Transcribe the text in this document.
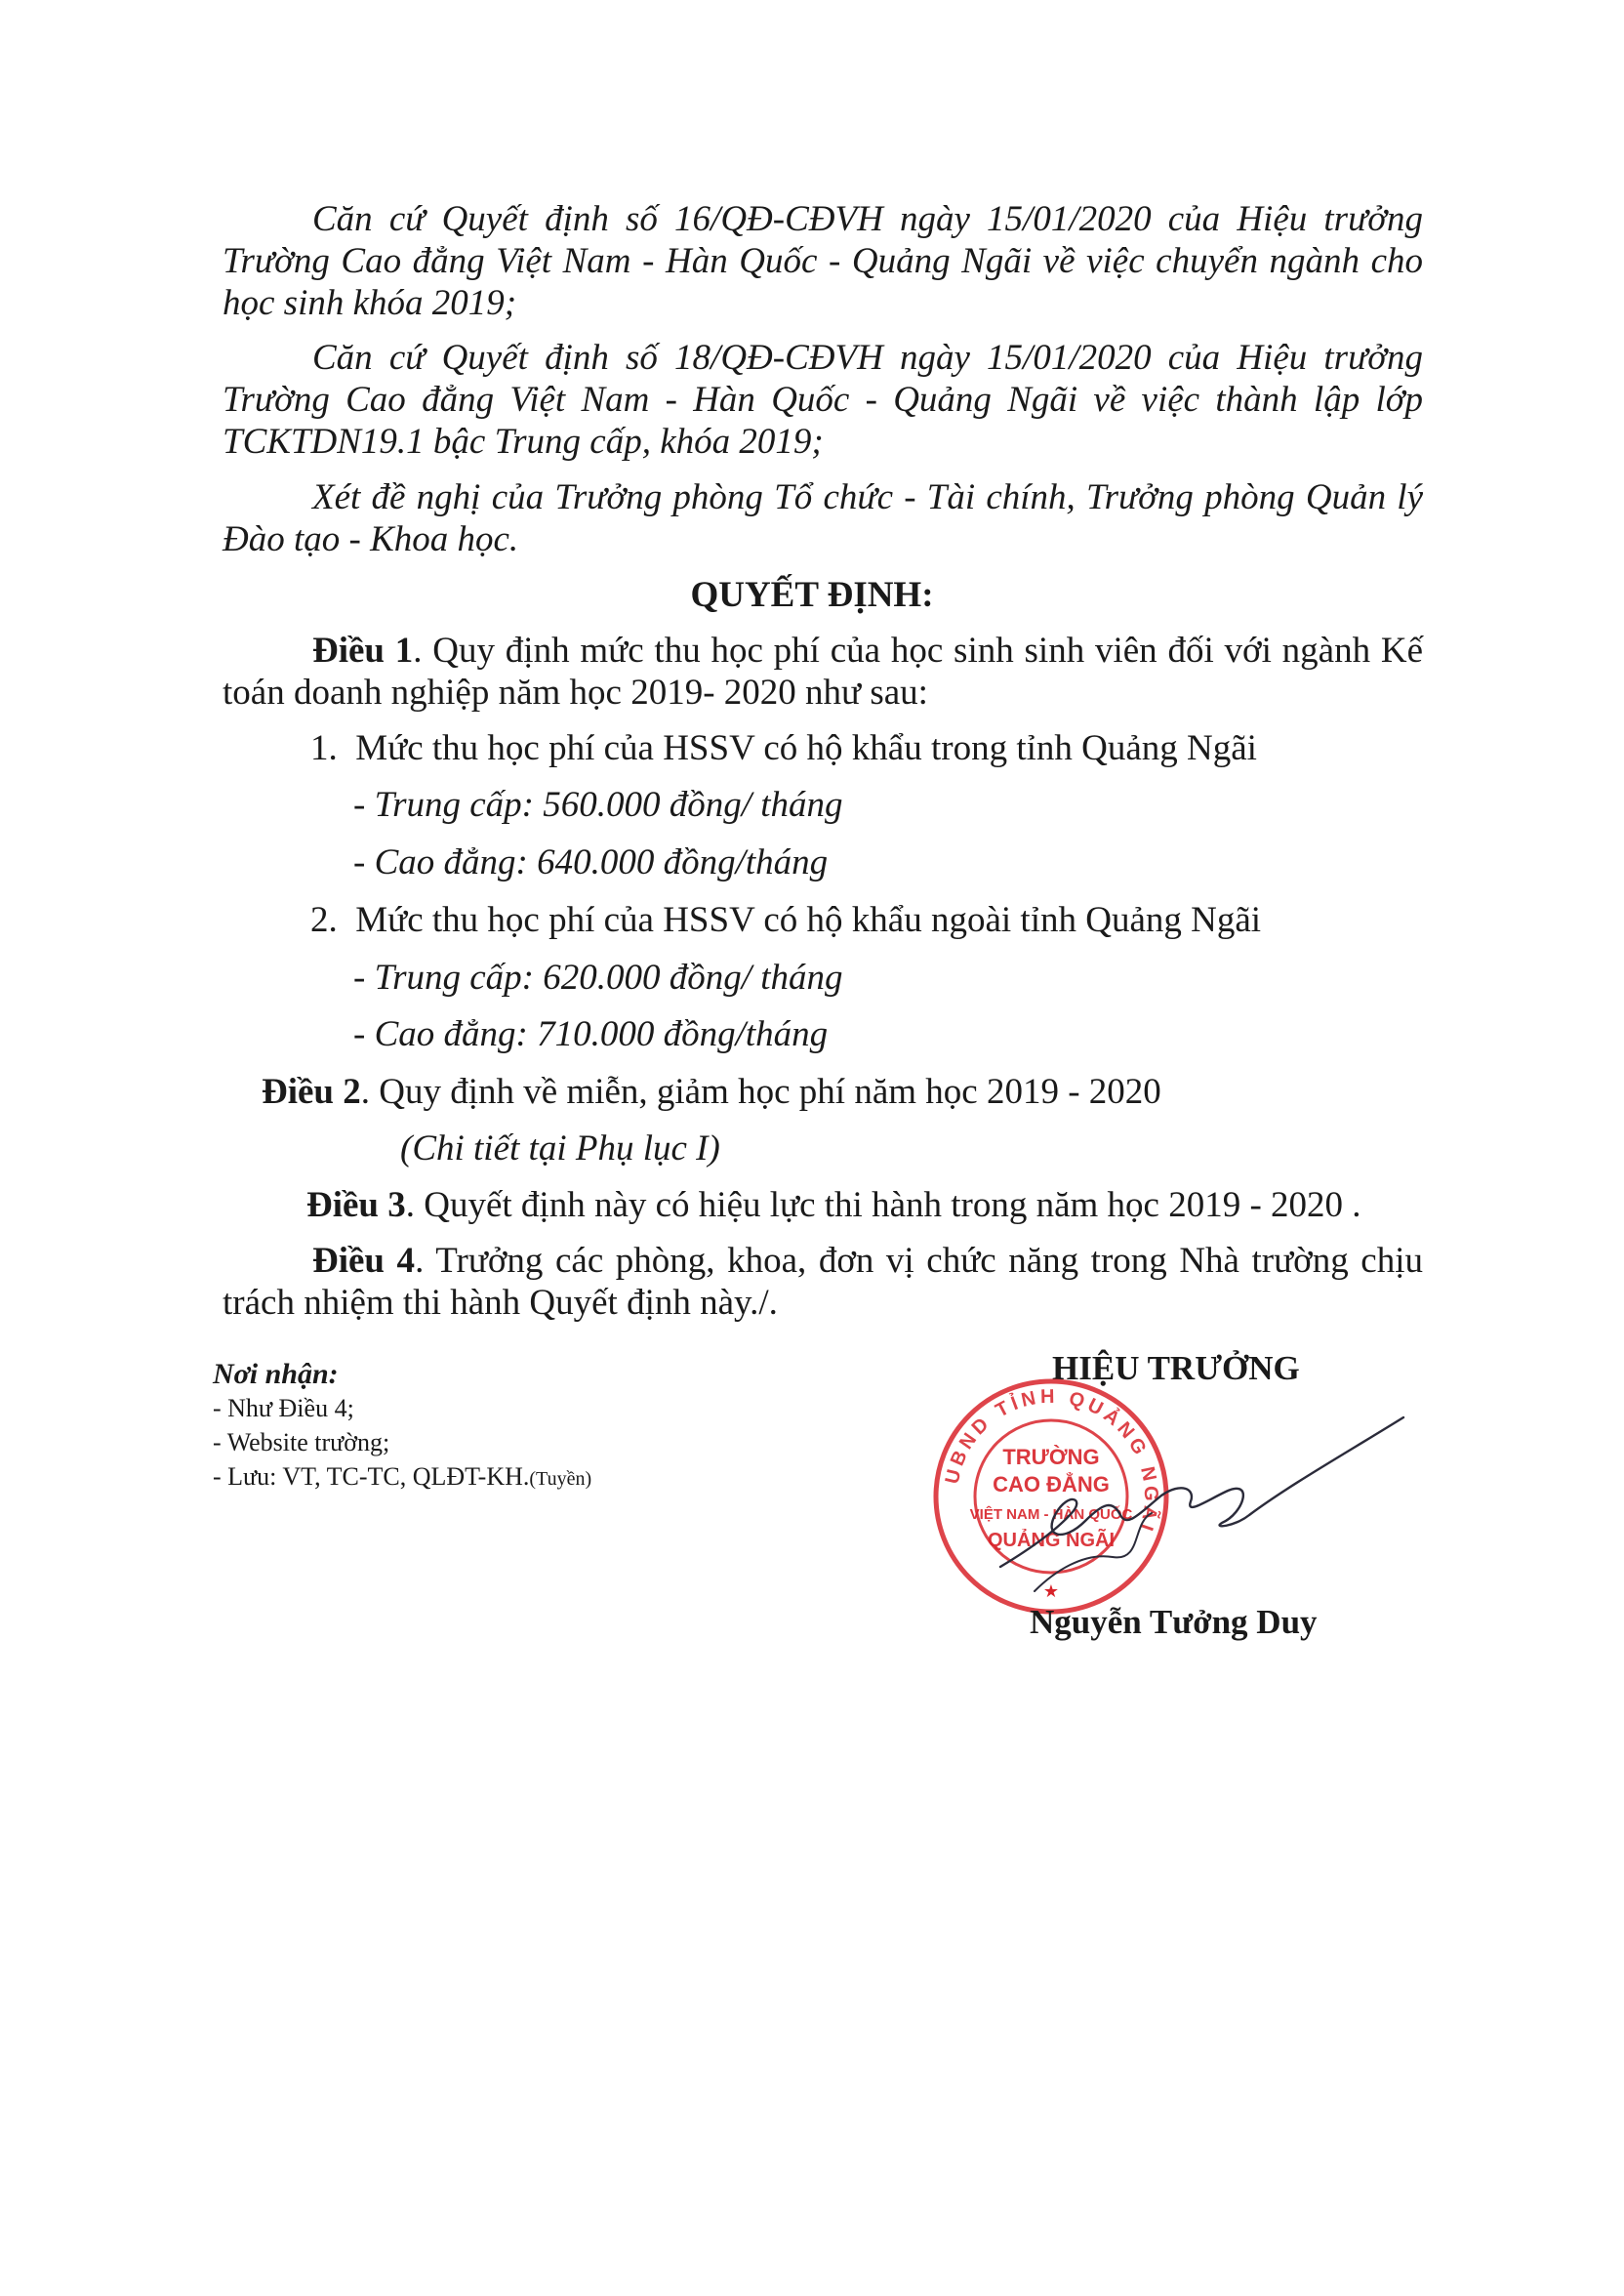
Căn cứ Quyết định số 16/QĐ-CĐVH ngày 15/01/2020 của Hiệu trưởng
Trường Cao đẳng Việt Nam - Hàn Quốc - Quảng Ngãi về việc chuyển ngành cho
học sinh khóa 2019;

Căn cứ Quyết định số 18/QĐ-CĐVH ngày 15/01/2020 của Hiệu trưởng
Trường Cao đẳng Việt Nam - Hàn Quốc - Quảng Ngãi về việc thành lập lớp
TCKTDN19.1 bậc Trung cấp, khóa 2019;

Xét đề nghị của Trưởng phòng Tổ chức - Tài chính, Trưởng phòng Quản lý
Đào tạo - Khoa học.

QUYẾT ĐỊNH:

Điều 1. Quy định mức thu học phí của học sinh sinh viên đối với ngành Kế
toán doanh nghiệp năm học 2019- 2020 như sau:

1. Mức thu học phí của HSSV có hộ khẩu trong tỉnh Quảng Ngãi

- Trung cấp: 560.000 đồng/ tháng

- Cao đẳng: 640.000 đồng/tháng

2. Mức thu học phí của HSSV có hộ khẩu ngoài tỉnh Quảng Ngãi

- Trung cấp: 620.000 đồng/ tháng

- Cao đẳng: 710.000 đồng/tháng

Điều 2. Quy định về miễn, giảm học phí năm học 2019 - 2020

(Chi tiết tại Phụ lục I)

Điều 3. Quyết định này có hiệu lực thi hành trong năm học 2019 - 2020 .

Điều 4. Trưởng các phòng, khoa, đơn vị chức năng trong Nhà trường chịu
trách nhiệm thi hành Quyết định này./.

Nơi nhận:
- Như Điều 4;
- Website trường;
- Lưu: VT, TC-TC, QLĐT-KH.(Tuyền)
HIỆU TRƯỞNG
UBND TỈNH QUẢNG NGÃI
TRƯỜNG
CAO ĐẲNG
VIỆT NAM - HÀN QUỐC
QUẢNG NGÃI
★
Nguyễn Tưởng Duy
